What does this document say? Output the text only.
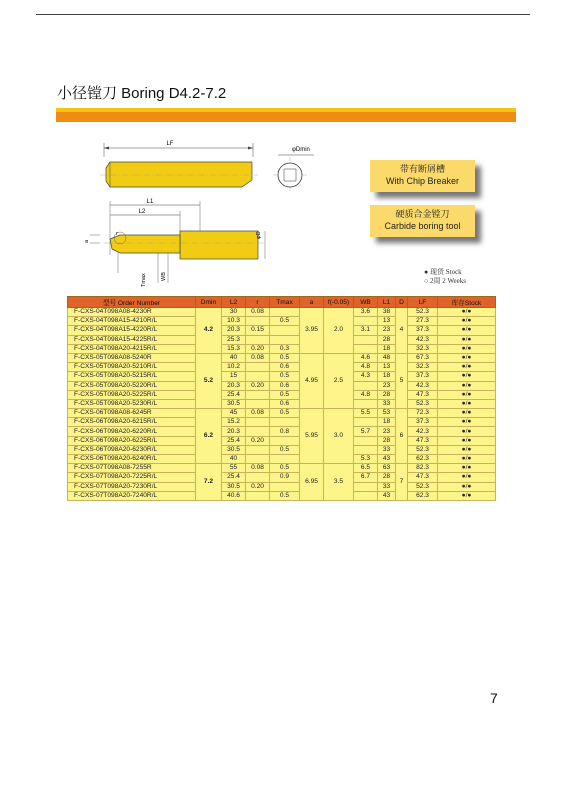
小径镗刀 Boring D4.2-7.2
LF
φDmin
L1
L2
φD
a
WB
Tmax
r
带有断屑槽
With Chip Breaker
硬质合金镗刀
Carbide boring tool
● 现货 Stock
○ 2周 2 Weeks
型号 Order Number	Dmin	L2	r	Tmax	a	f(-0.05)	WB	L1	D	LF	库存Stock
F-CXS-04T098A08-4230R	4.2	30	0.08		3.95	2.0	3.6	38	4	52.3	●/●
F-CXS-04T098A15-4210R/L		10.3		0.5				13		27.3	●/●
F-CXS-04T098A15-4220R/L		20.3	0.15				3.1	23		37.3	●/●
F-CXS-04T098A15-4225R/L		25.3						28		42.3	●/●
F-CXS-04T098A20-4215R/L		15.3	0.20	0.3				18		32.3	●/●
F-CXS-05T098A08-5240R	5.2	40	0.08	0.5	4.95	2.5	4.6	48	5	67.3	●/●
F-CXS-05T098A20-5210R/L		10.2		0.6			4.8	13		32.3	●/●
F-CXS-05T098A20-5215R/L		15		0.5			4.3	18		37.3	●/●
F-CXS-05T098A20-5220R/L		20.3	0.20	0.6				23		42.3	●/●
F-CXS-05T098A20-5225R/L		25.4		0.5			4.8	28		47.3	●/●
F-CXS-05T098A20-5230R/L		30.5		0.6				33		52.3	●/●
F-CXS-06T098A08-6245R	6.2	45	0.08	0.5	5.95	3.0	5.5	53	6	72.3	●/●
F-CXS-06T098A20-6215R/L		15.2						18		37.3	●/●
F-CXS-06T098A20-6220R/L		20.3		0.8			5.7	23		42.3	●/●
F-CXS-06T098A20-6225R/L		25.4	0.20					28		47.3	●/●
F-CXS-06T098A20-6230R/L		30.5		0.5				33		52.3	●/●
F-CXS-06T098A20-6240R/L		40					5.3	43		62.3	●/●
F-CXS-07T098A08-7255R	7.2	55	0.08	0.5	6.95	3.5	6.5	63	7	82.3	●/●
F-CXS-07T098A20-7225R/L		25.4		0.9			6.7	28		47.3	●/●
F-CXS-07T098A20-7230R/L		30.5	0.20					33		52.3	●/●
F-CXS-07T098A20-7240R/L		40.6		0.5				43		62.3	●/●
7
